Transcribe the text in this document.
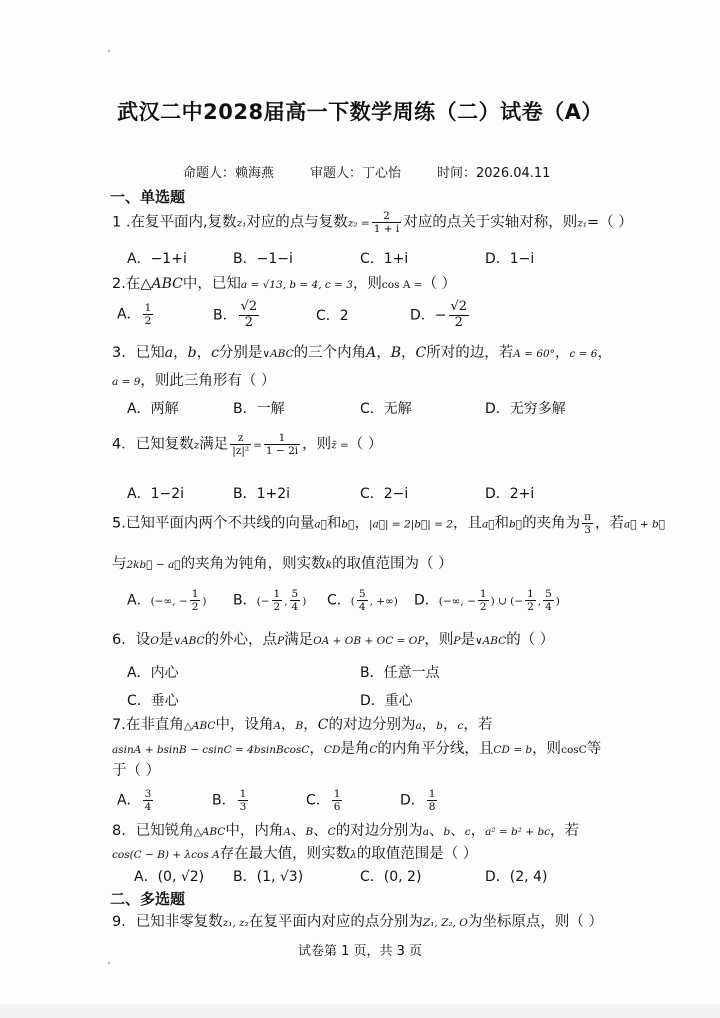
武汉二中2028届高一下数学周练（二）试卷（A）
命题人：赖海燕	审题人：丁心怡	时间：2026.04.11
一、单选题
1 .在复平面内,复数z₁对应的点与复数$z_2 = \frac{2}{1 + i}$ 对应的点关于实轴对称，则z₁=（ ）
A．−1+i	B．−1−i	C．1+i	D．1−i
2.在△ABC中，已知a = √13, b = 4, c = 3，则cos A =（ ）
A． $\frac{1}{2}$	B． $\frac{√2}{2}$	C．2	D．− $\frac{√2}{2}$
3．已知a，b，c分别是∨ABC的三个内角A，B，C所对的边，若A = 60°，c = 6，
a = 9，则此三角形有（ ）
A．两解	B．一解	C．无解	D．无穷多解
4．已知复数z满足 $\frac{z}{\text{|z|²}} = \frac{1}{1 - 2i}$ ，则z̄ =（ ）
A．1−2i	B．1+2i	C．2−i	D．2+i
5.已知平面内两个不共线的向量a⃗和b⃗，|a⃗| = 2|b⃗| = 2，且a⃗和b⃗的夹角为 $\frac{\pi}{3}$ ，若a⃗ + b⃗
与2kb⃗ − a⃗的夹角为钝角，则实数k的取值范围为（ ）
A．(−∞, − $\frac{1}{2}$ ) B．(− $\frac{1}{2}$ , $\frac{5}{4}$ ) C．( $\frac{5}{4}$ , +∞) D．(−∞, − $\frac{1}{2}$ ) ∪ (− $\frac{1}{2}$ , $\frac{5}{4}$ )
6．设O是∨ABC的外心，点P满足OA + OB + OC = OP，则P是∨ABC的（ ）
A．内心	B．任意一点
C．垂心	D．重心
7.在非直角△ABC中，设角A，B，C的对边分别为a，b，c，若
asinA + bsinB − csinC = 4bsinBcosC，CD是角C的内角平分线，且CD = b，则cosC等
于（ ）
A． $\frac{3}{4}$	B． $\frac{1}{3}$	C． $\frac{1}{6}$	D． $\frac{1}{8}$
8．已知锐角△ABC中，内角A、B、C的对边分别为a、b、c，a² = b² + bc，若
cos(C − B) + λcos A存在最大值，则实数λ的取值范围是（ ）
A．(0, √2) B．(1, √3)	C．(0, 2)	D．(2, 4)
二、多选题
9．已知非零复数z₁, z₂在复平面内对应的点分别为Z₁, Z₂, O为坐标原点，则（ ）
试卷第 1 页，共 3 页
